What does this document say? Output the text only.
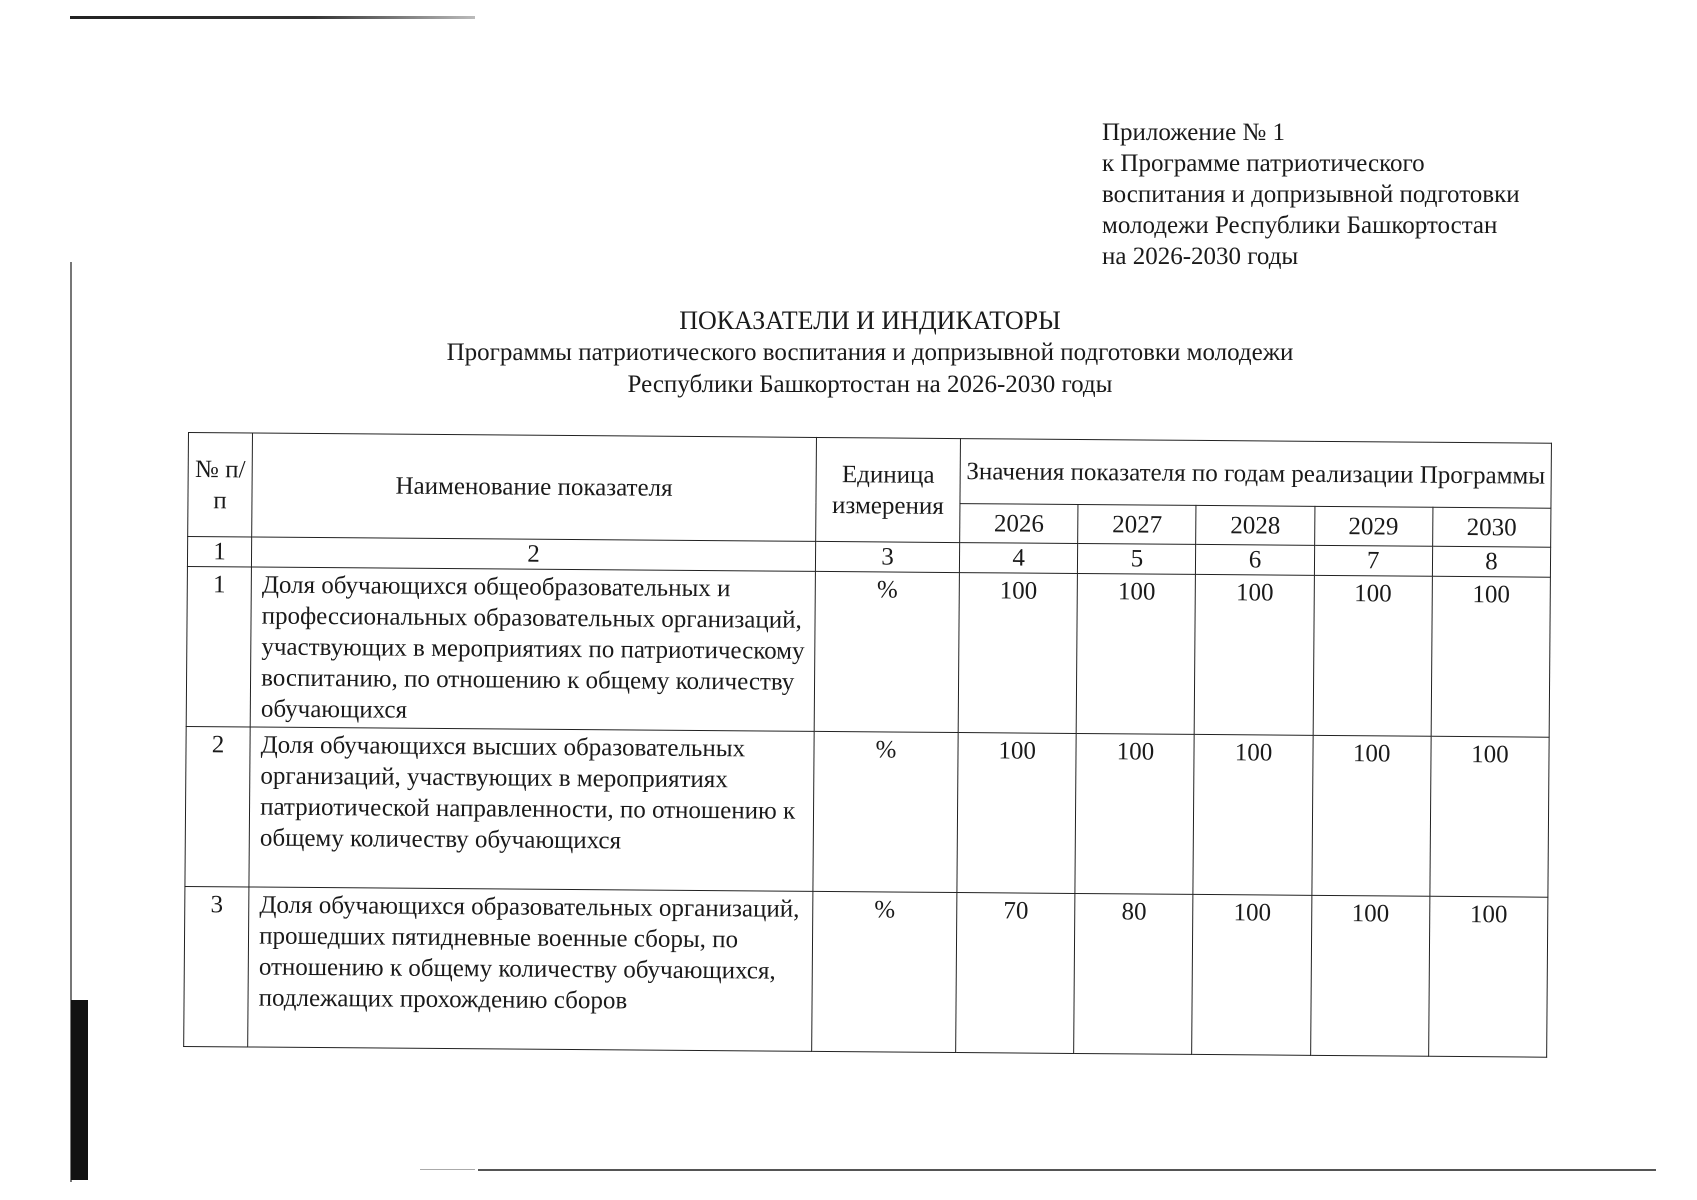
Приложение № 1
к Программе патриотического
воспитания и допризывной подготовки
молодежи Республики Башкортостан
на 2026-2030 годы
ПОКАЗАТЕЛИ И ИНДИКАТОРЫ
Программы патриотического воспитания и допризывной подготовки молодежи
Республики Башкортостан на 2026-2030 годы
№ п/п	Наименование показателя	Единица измерения	Значения показателя по годам реализации Программы				
			2026	2027	2028	2029	2030
1	2	3	4	5	6	7	8
1	Доля обучающихся общеобразовательных и профессиональных образовательных организаций, участвующих в мероприятиях по патриотическому воспитанию, по отношению к общему количеству обучающихся	%	100	100	100	100	100
2	Доля обучающихся высших образовательных организаций, участвующих в мероприятиях патриотической направленности, по отношению к общему количеству обучающихся	%	100	100	100	100	100
3	Доля обучающихся образовательных организаций, прошедших пятидневные военные сборы, по отношению к общему количеству обучающихся, подлежащих прохождению сборов	%	70	80	100	100	100
